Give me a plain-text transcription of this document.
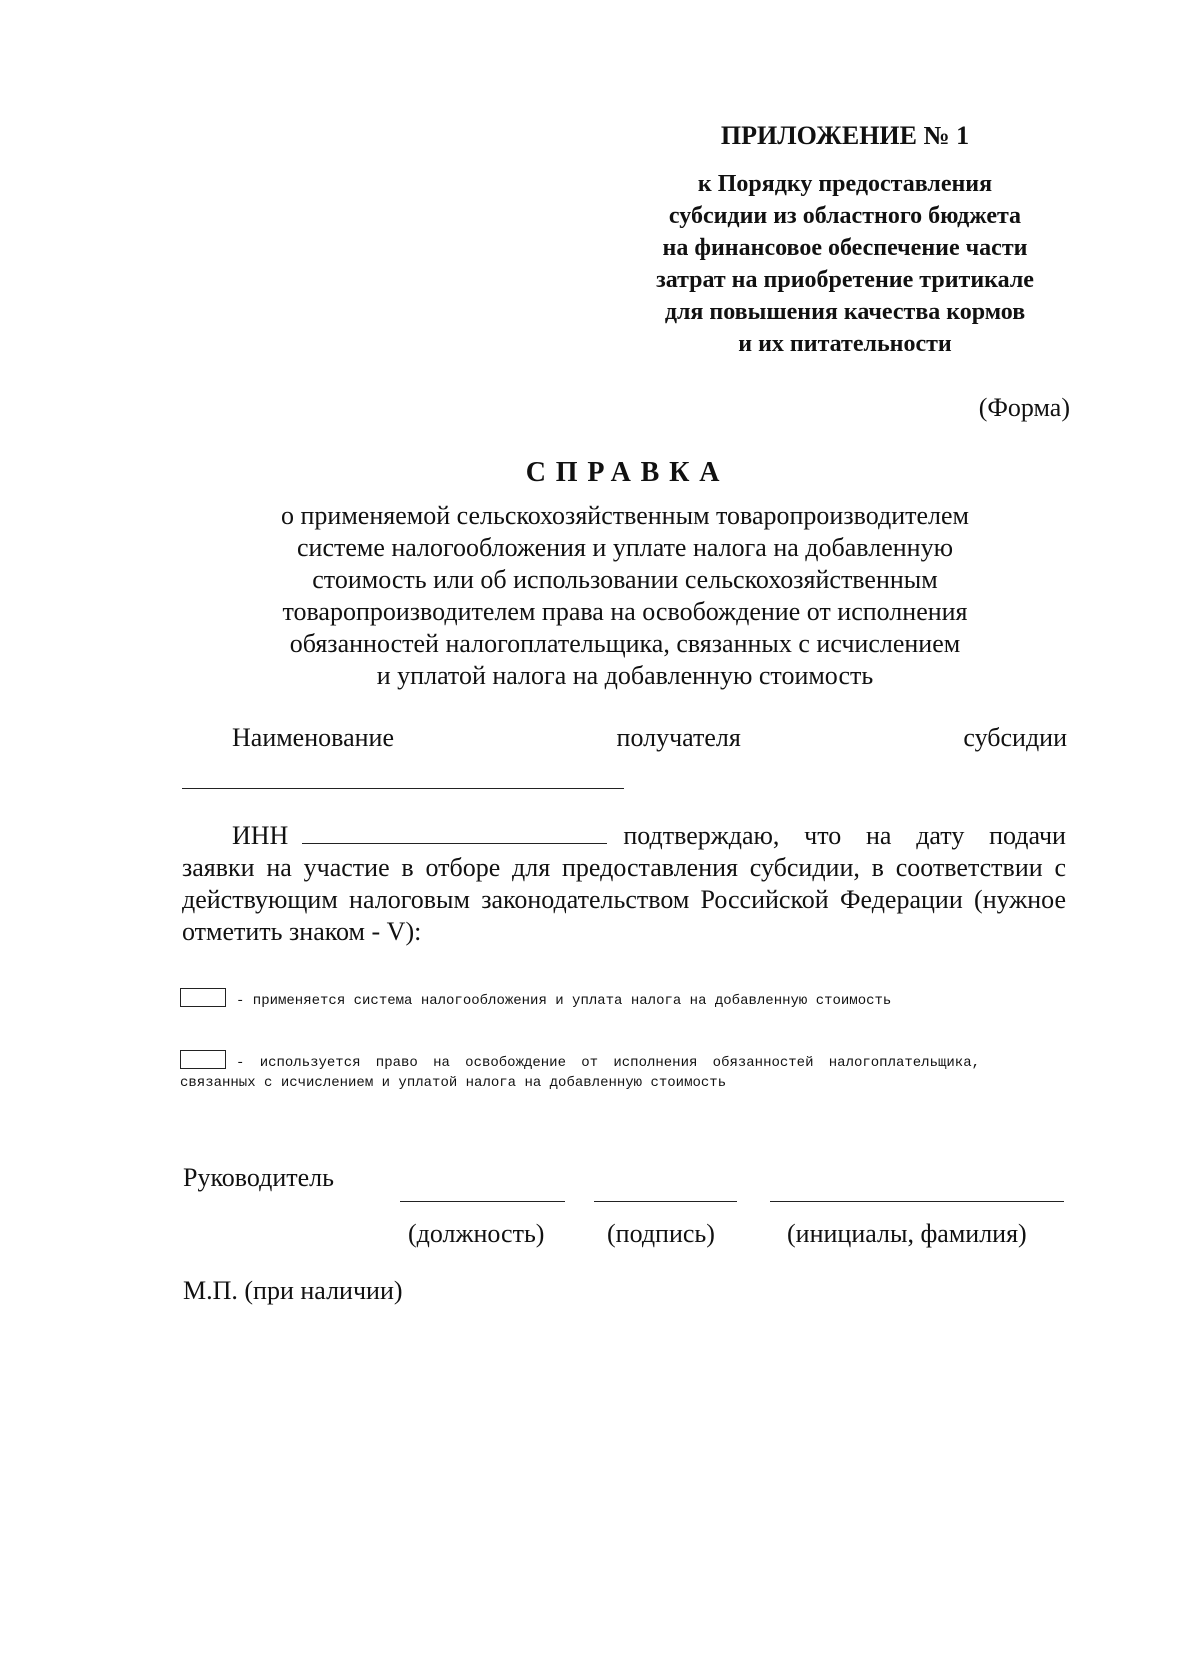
ПРИЛОЖЕНИЕ № 1
к Порядку предоставления
субсидии из областного бюджета
на финансовое обеспечение части
затрат на приобретение тритикале
для повышения качества кормов
и их питательности
(Форма)
СПРАВКА
о применяемой сельскохозяйственным товаропроизводителем
системе налогообложения и уплате налога на добавленную
стоимость или об использовании сельскохозяйственным
товаропроизводителем права на освобождение от исполнения
обязанностей налогоплательщика, связанных с исчислением
и уплатой налога на добавленную стоимость
Наименование	получателя	субсидии
ИНН	подтверждаю, что на дату подачи
заявки на участие в отборе для предоставления субсидии, в соответствии с действующим налоговым законодательством Российской Федерации (нужное отметить знаком - V):
- применяется система налогообложения и уплата налога на добавленную стоимость
- используется право на освобождение от исполнения обязанностей налогоплательщика, связанных с исчислением и уплатой налога на добавленную стоимость
Руководитель
(должность) (подпись)	(инициалы, фамилия)
М.П. (при наличии)
